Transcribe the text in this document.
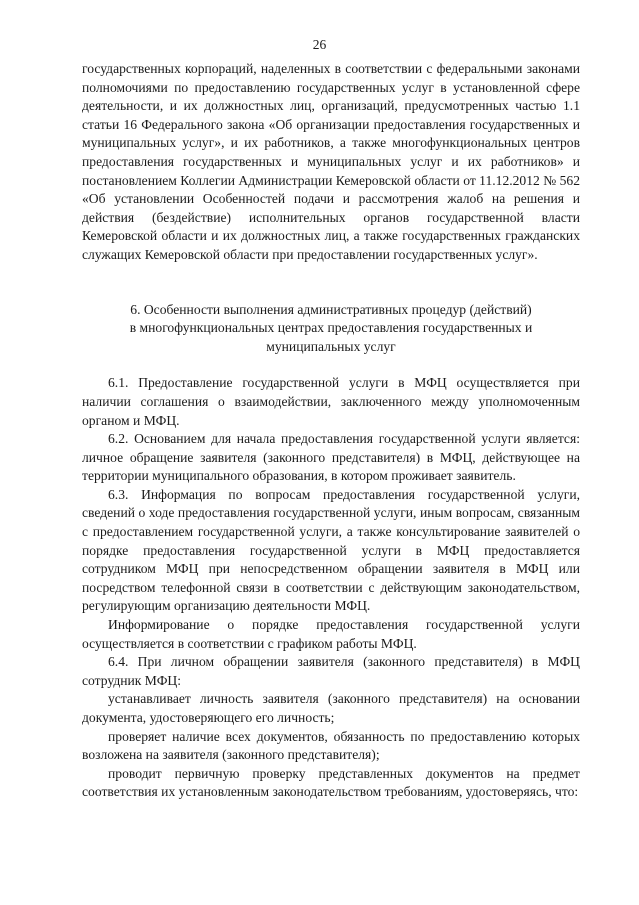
26

государственных корпораций, наделенных в соответствии с федеральными законами полномочиями по предоставлению государственных услуг в установленной сфере деятельности, и их должностных лиц, организаций, предусмотренных частью 1.1 статьи 16 Федерального закона «Об организации предоставления государственных и муниципальных услуг», и их работников, а также многофункциональных центров предоставления государственных и муниципальных услуг и их работников» и постановлением Коллегии Администрации Кемеровской области от 11.12.2012 № 562 «Об установлении Особенностей подачи и рассмотрения жалоб на решения и действия (бездействие) исполнительных органов государственной власти Кемеровской области и их должностных лиц, а также государственных гражданских служащих Кемеровской области при предоставлении государственных услуг».

6. Особенности выполнения административных процедур (действий)
в многофункциональных центрах предоставления государственных и
муниципальных услуг

6.1. Предоставление государственной услуги в МФЦ осуществляется при наличии соглашения о взаимодействии, заключенного между уполномоченным органом и МФЦ.

6.2. Основанием для начала предоставления государственной услуги является: личное обращение заявителя (законного представителя) в МФЦ, действующее на территории муниципального образования, в котором проживает заявитель.

6.3. Информация по вопросам предоставления государственной услуги, сведений о ходе предоставления государственной услуги, иным вопросам, связанным с предоставлением государственной услуги, а также консультирование заявителей о порядке предоставления государственной услуги в МФЦ предоставляется сотрудником МФЦ при непосредственном обращении заявителя в МФЦ или посредством телефонной связи в соответствии с действующим законодательством, регулирующим организацию деятельности МФЦ.

Информирование о порядке предоставления государственной услуги осуществляется в соответствии с графиком работы МФЦ.

6.4. При личном обращении заявителя (законного представителя) в МФЦ сотрудник МФЦ:

устанавливает личность заявителя (законного представителя) на основании документа, удостоверяющего его личность;

проверяет наличие всех документов, обязанность по предоставлению которых возложена на заявителя (законного представителя);

проводит первичную проверку представленных документов на предмет соответствия их установленным законодательством требованиям, удостоверяясь, что:
